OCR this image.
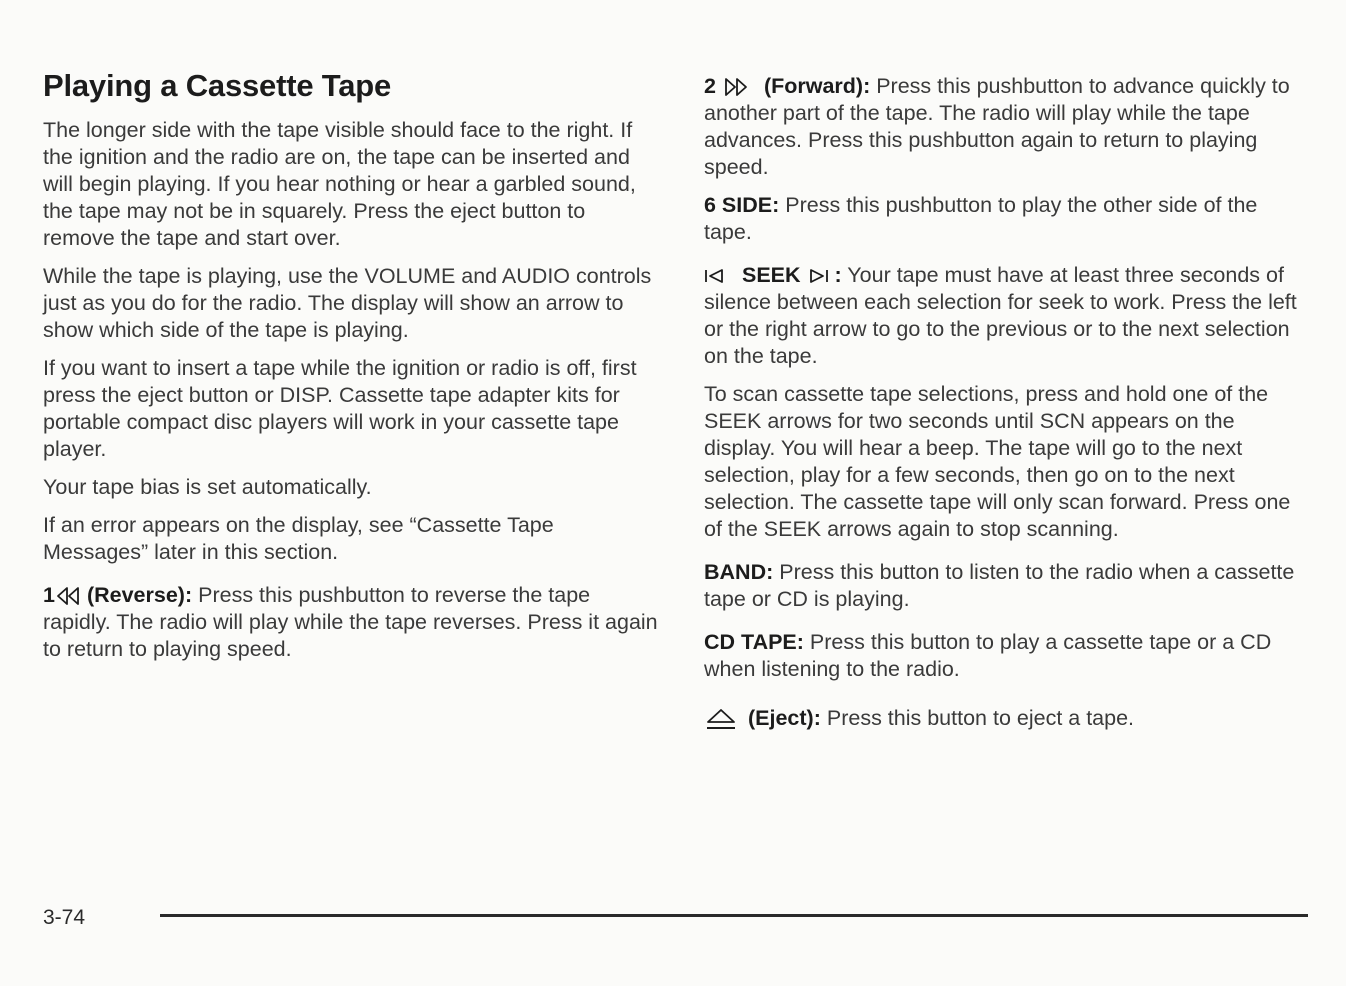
Playing a Cassette Tape

The longer side with the tape visible should face to the right. If the ignition and the radio are on, the tape can be inserted and will begin playing. If you hear nothing or hear a garbled sound, the tape may not be in squarely. Press the eject button to remove the tape and start over.

While the tape is playing, use the VOLUME and AUDIO controls just as you do for the radio. The display will show an arrow to show which side of the tape is playing.

If you want to insert a tape while the ignition or radio is off, first press the eject button or DISP. Cassette tape adapter kits for portable compact disc players will work in your cassette tape player.

Your tape bias is set automatically.

If an error appears on the display, see “Cassette Tape Messages” later in this section.

1 (Reverse): Press this pushbutton to reverse the tape rapidly. The radio will play while the tape reverses. Press it again to return to playing speed.

2 (Forward): Press this pushbutton to advance quickly to another part of the tape. The radio will play while the tape advances. Press this pushbutton again to return to playing speed.

6 SIDE: Press this pushbutton to play the other side of the tape.

SEEK : Your tape must have at least three seconds of silence between each selection for seek to work. Press the left or the right arrow to go to the previous or to the next selection on the tape.

To scan cassette tape selections, press and hold one of the SEEK arrows for two seconds until SCN appears on the display. You will hear a beep. The tape will go to the next selection, play for a few seconds, then go on to the next selection. The cassette tape will only scan forward. Press one of the SEEK arrows again to stop scanning.

BAND: Press this button to listen to the radio when a cassette tape or CD is playing.

CD TAPE: Press this button to play a cassette tape or a CD when listening to the radio.

(Eject): Press this button to eject a tape.

3-74
